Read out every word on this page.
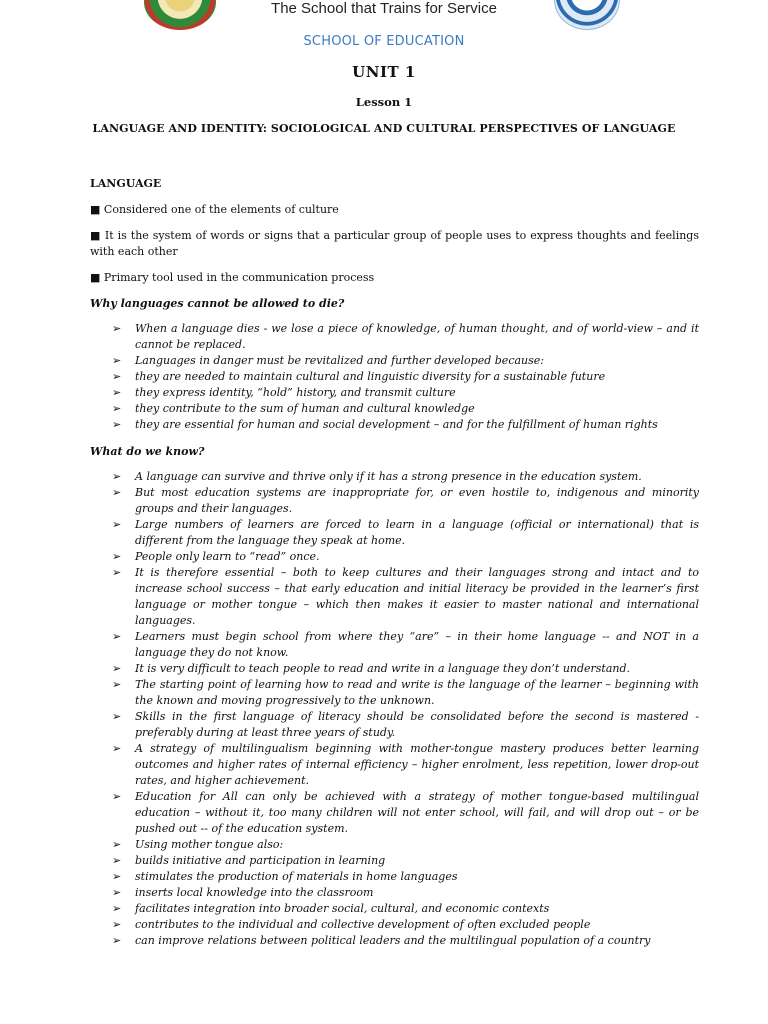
The School that Trains for Service
SCHOOL OF EDUCATION
UNIT 1
Lesson 1
LANGUAGE AND IDENTITY: SOCIOLOGICAL AND CULTURAL PERSPECTIVES OF LANGUAGE
LANGUAGE
■ Considered one of the elements of culture
■ It is the system of words or signs that a particular group of people uses to express thoughts and feelings with each other
■ Primary tool used in the communication process
Why languages cannot be allowed to die?
➢ When a language dies - we lose a piece of knowledge, of human thought, and of world-view – and it cannot be replaced.
➢ Languages in danger must be revitalized and further developed because:
➢ they are needed to maintain cultural and linguistic diversity for a sustainable future
➢ they express identity, “hold” history, and transmit culture
➢ they contribute to the sum of human and cultural knowledge
➢ they are essential for human and social development – and for the fulfillment of human rights
What do we know?
➢ A language can survive and thrive only if it has a strong presence in the education system.
➢ But most education systems are inappropriate for, or even hostile to, indigenous and minority groups and their languages.
➢ Large numbers of learners are forced to learn in a language (official or international) that is different from the language they speak at home.
➢ People only learn to “read” once.
➢ It is therefore essential – both to keep cultures and their languages strong and intact and to increase school success – that early education and initial literacy be provided in the learner’s first language or mother tongue – which then makes it easier to master national and international languages.
➢ Learners must begin school from where they “are” – in their home language -- and NOT in a language they do not know.
➢ It is very difficult to teach people to read and write in a language they don’t understand.
➢ The starting point of learning how to read and write is the language of the learner – beginning with the known and moving progressively to the unknown.
➢ Skills in the first language of literacy should be consolidated before the second is mastered - preferably during at least three years of study.
➢ A strategy of multilingualism beginning with mother-tongue mastery produces better learning outcomes and higher rates of internal efficiency – higher enrolment, less repetition, lower drop-out rates, and higher achievement.
➢ Education for All can only be achieved with a strategy of mother tongue-based multilingual education – without it, too many children will not enter school, will fail, and will drop out – or be pushed out -- of the education system.
➢ Using mother tongue also:
➢ builds initiative and participation in learning
➢ stimulates the production of materials in home languages
➢ inserts local knowledge into the classroom
➢ facilitates integration into broader social, cultural, and economic contexts
➢ contributes to the individual and collective development of often excluded people
➢ can improve relations between political leaders and the multilingual population of a country
